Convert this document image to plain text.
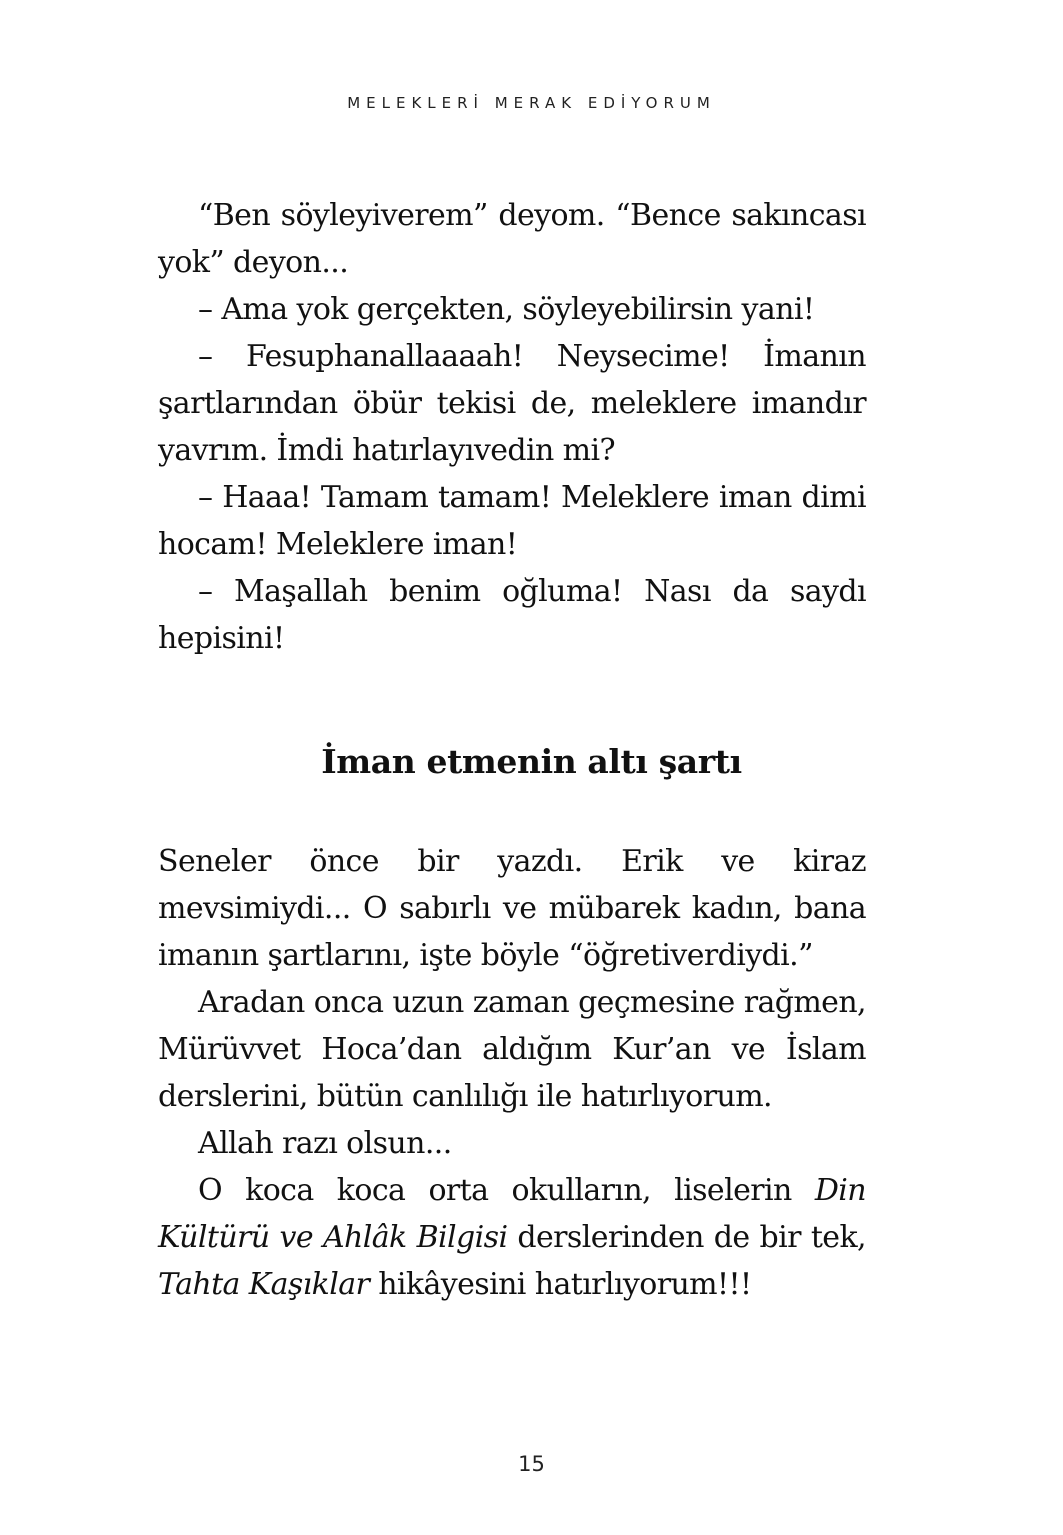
MELEKLERİ MERAK EDİYORUM

“Ben söyleyiverem” deyom. “Bence sakıncası yok” deyon...

– Ama yok gerçekten, söyleyebilirsin yani!

– Fesuphanallaaaah! Neysecime! İmanın şartlarından öbür tekisi de, meleklere imandır yavrım. İmdi hatırlayıvedin mi?

– Haaa! Tamam tamam! Meleklere iman dimi hocam! Meleklere iman!

– Maşallah benim oğluma! Nası da saydı hepisini!

İman etmenin altı şartı

Seneler önce bir yazdı. Erik ve kiraz mevsimiydi... O sabırlı ve mübarek kadın, bana imanın şartlarını, işte böyle “öğretiverdiydi.”

Aradan onca uzun zaman geçmesine rağmen, Mürüvvet Hoca’dan aldığım Kur’an ve İslam derslerini, bütün canlılığı ile hatırlıyorum.

Allah razı olsun...

O koca koca orta okulların, liselerin Din Kültürü ve Ahlâk Bilgisi derslerinden de bir tek, Tahta Kaşıklar hikâyesini hatırlıyorum!!!

15
